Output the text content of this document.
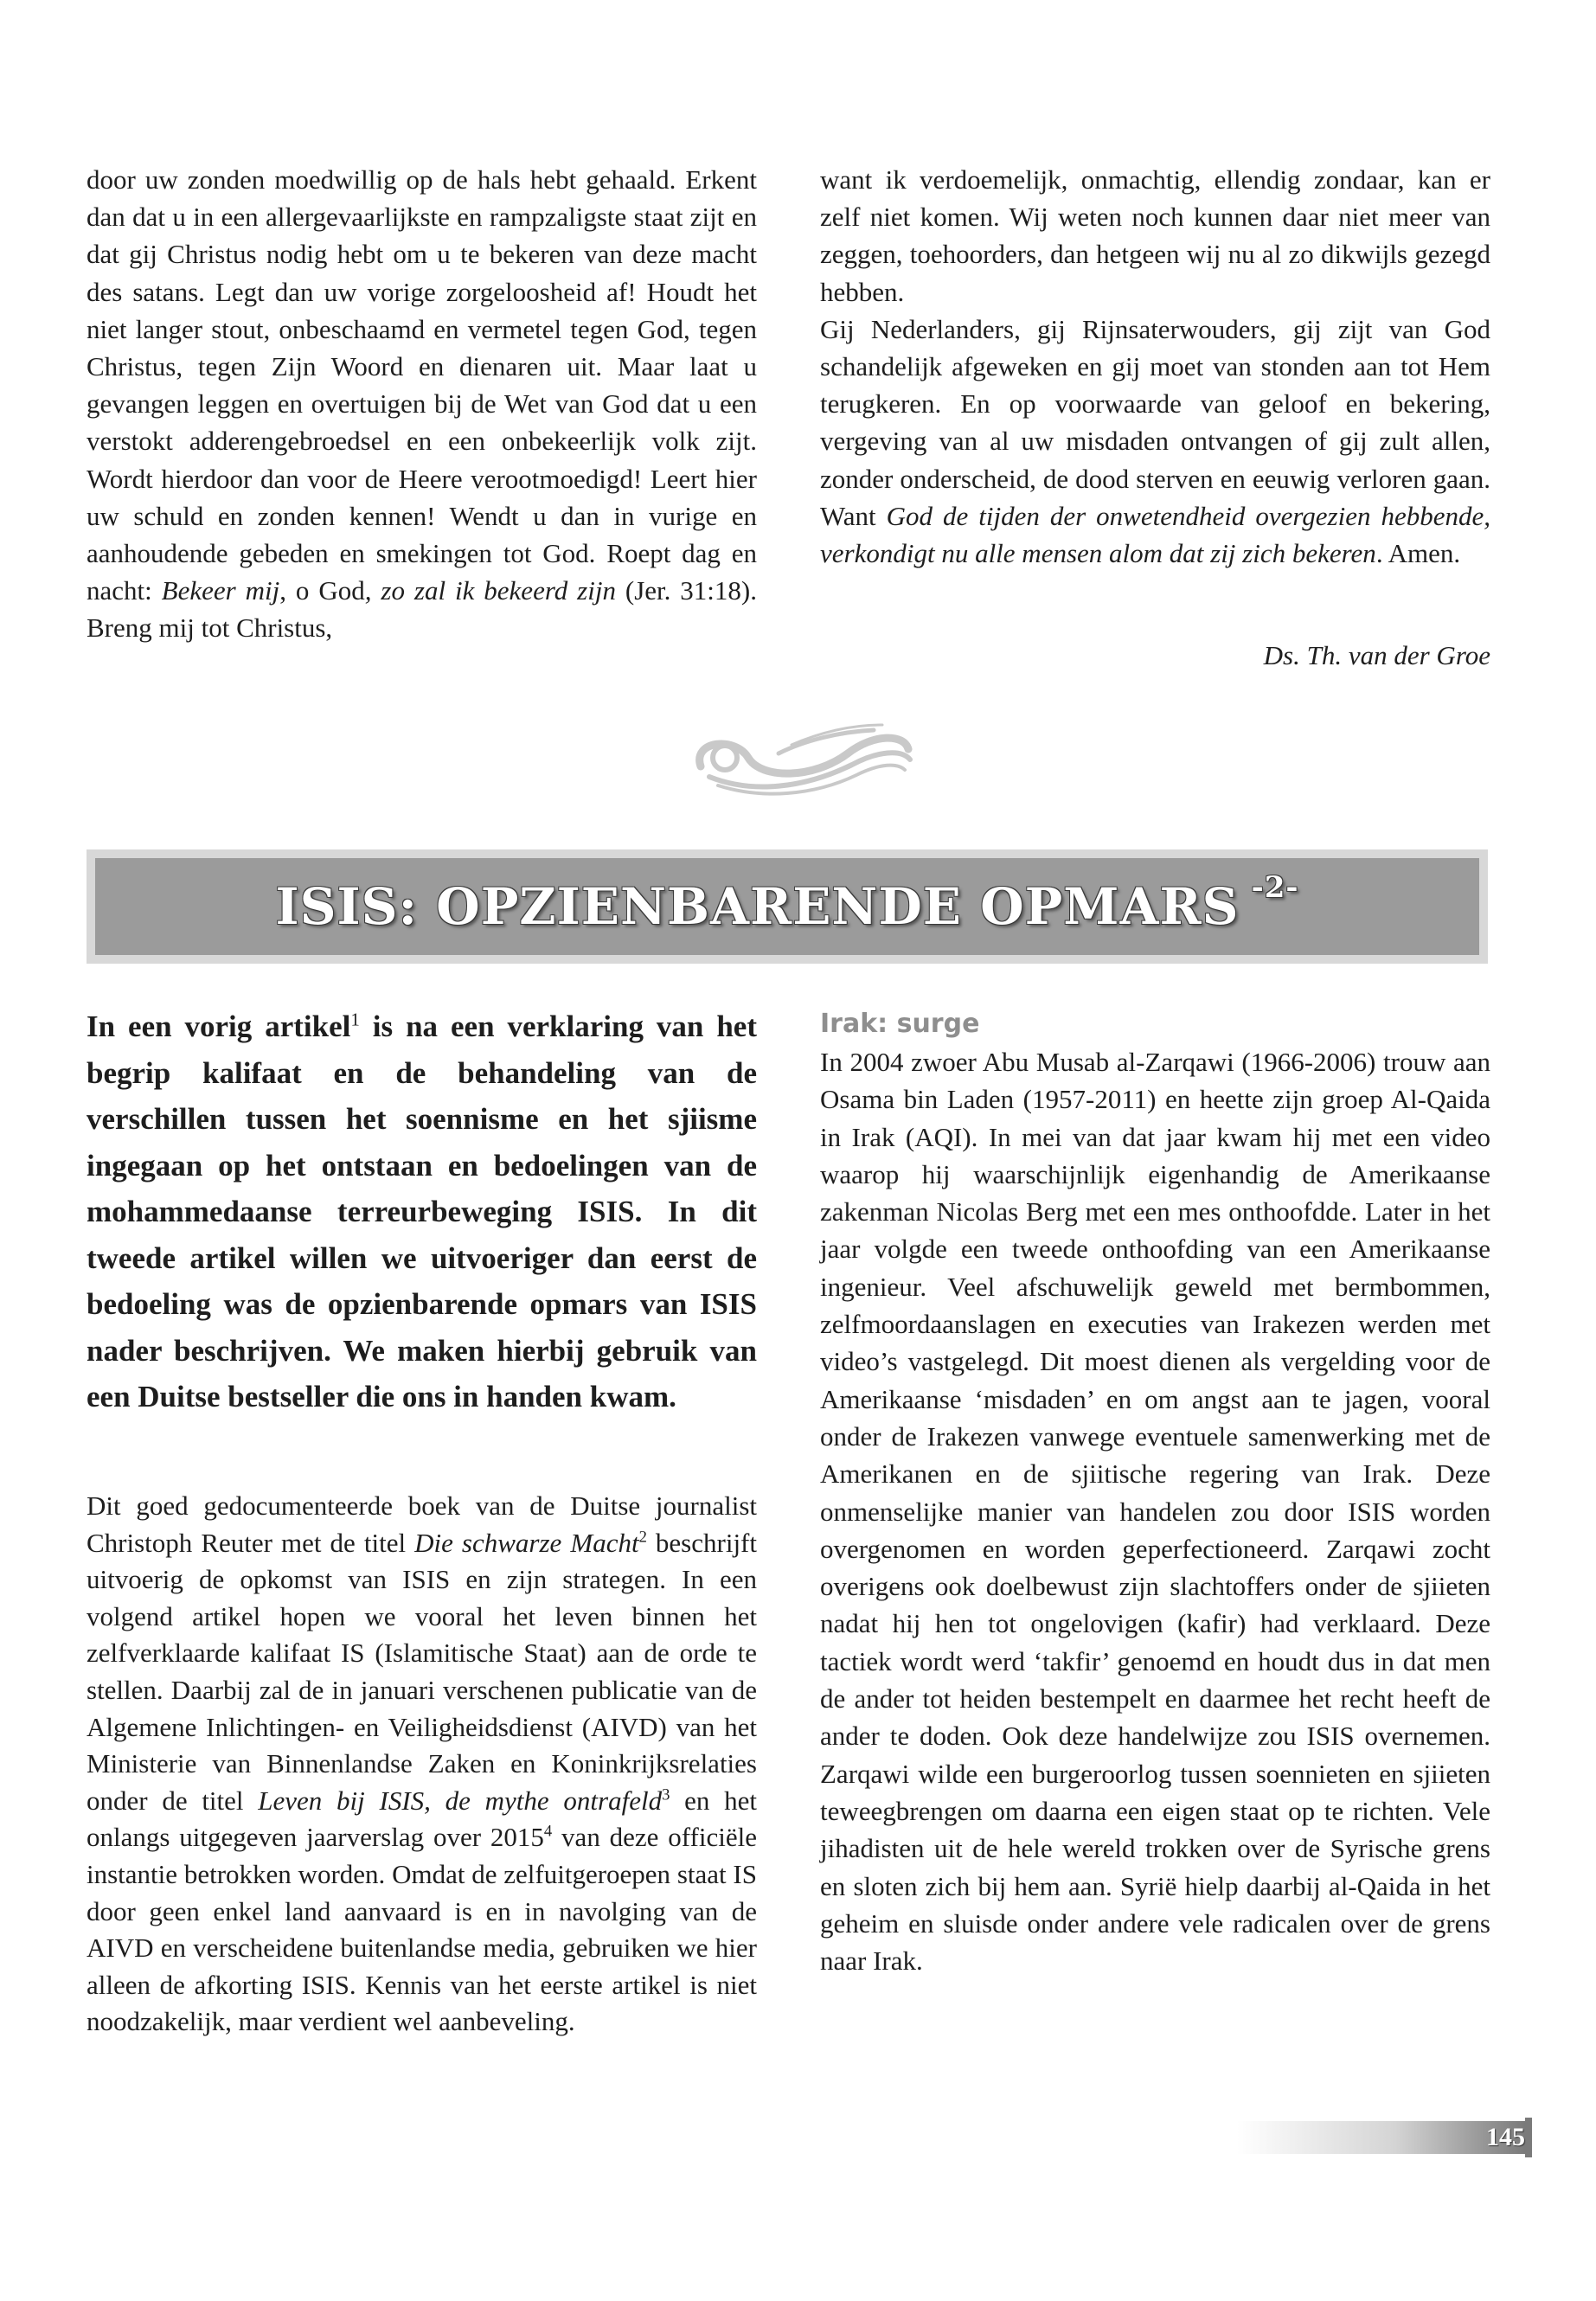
door uw zonden moedwillig op de hals hebt gehaald. Erkent dan dat u in een allergevaarlijkste en rampzaligste staat zijt en dat gij Christus nodig hebt om u te bekeren van deze macht des satans. Legt dan uw vorige zorgeloosheid af! Houdt het niet langer stout, onbeschaamd en vermetel tegen God, tegen Christus, tegen Zijn Woord en dienaren uit. Maar laat u gevangen leggen en overtuigen bij de Wet van God dat u een verstokt adderengebroedsel en een onbekeerlijk volk zijt. Wordt hierdoor dan voor de Heere verootmoedigd! Leert hier uw schuld en zonden kennen! Wendt u dan in vurige en aanhoudende gebeden en smekingen tot God. Roept dag en nacht: Bekeer mij, o God, zo zal ik bekeerd zijn (Jer. 31:18). Breng mij tot Christus,

want ik verdoemelijk, onmachtig, ellendig zondaar, kan er zelf niet komen. Wij weten noch kunnen daar niet meer van zeggen, toehoorders, dan hetgeen wij nu al zo dikwijls gezegd hebben.

Gij Nederlanders, gij Rijnsaterwouders, gij zijt van God schandelijk afgeweken en gij moet van stonden aan tot Hem terugkeren. En op voorwaarde van geloof en bekering, vergeving van al uw misdaden ontvangen of gij zult allen, zonder onderscheid, de dood sterven en eeuwig verloren gaan. Want God de tijden der onwetendheid overgezien hebbende, verkondigt nu alle mensen alom dat zij zich bekeren. Amen.

Ds. Th. van der Groe
ISIS: OPZIENBARENDE OPMARS $^{-2-}$
In een vorig artikel$^1$ is na een verklaring van het begrip kalifaat en de behandeling van de verschillen tussen het soennisme en het sjiisme ingegaan op het ontstaan en bedoelingen van de mohammedaanse terreurbeweging ISIS. In dit tweede artikel willen we uitvoeriger dan eerst de bedoeling was de opzienbarende opmars van ISIS nader beschrijven. We maken hierbij gebruik van een Duitse bestseller die ons in handen kwam.

Dit goed gedocumenteerde boek van de Duitse journalist Christoph Reuter met de titel Die schwarze Macht$^2$ beschrijft uitvoerig de opkomst van ISIS en zijn strategen. In een volgend artikel hopen we vooral het leven binnen het zelfverklaarde kalifaat IS (Islamitische Staat) aan de orde te stellen. Daarbij zal de in januari verschenen publicatie van de Algemene Inlichtingen- en Veiligheidsdienst (AIVD) van het Ministerie van Binnenlandse Zaken en Koninkrijksrelaties onder de titel Leven bij ISIS, de mythe ontrafeld$^3$ en het onlangs uitgegeven jaarverslag over 2015$^4$ van deze officiële instantie betrokken worden. Omdat de zelfuitgeroepen staat IS door geen enkel land aanvaard is en in navolging van de AIVD en verscheidene buitenlandse media, gebruiken we hier alleen de afkorting ISIS. Kennis van het eerste artikel is niet noodzakelijk, maar verdient wel aanbeveling.

Irak: surge

In 2004 zwoer Abu Musab al-Zarqawi (1966-2006) trouw aan Osama bin Laden (1957-2011) en heette zijn groep Al-Qaida in Irak (AQI). In mei van dat jaar kwam hij met een video waarop hij waarschijnlijk eigenhandig de Amerikaanse zakenman Nicolas Berg met een mes onthoofdde. Later in het jaar volgde een tweede onthoofding van een Amerikaanse ingenieur. Veel afschuwelijk geweld met bermbommen, zelfmoordaanslagen en executies van Irakezen werden met video’s vastgelegd. Dit moest dienen als vergelding voor de Amerikaanse ‘misdaden’ en om angst aan te jagen, vooral onder de Irakezen vanwege eventuele samenwerking met de Amerikanen en de sjiitische regering van Irak. Deze onmenselijke manier van handelen zou door ISIS worden overgenomen en worden geperfectioneerd. Zarqawi zocht overigens ook doelbewust zijn slachtoffers onder de sjiieten nadat hij hen tot ongelovigen (kafir) had verklaard. Deze tactiek wordt werd ‘takfir’ genoemd en houdt dus in dat men de ander tot heiden bestempelt en daarmee het recht heeft de ander te doden. Ook deze handelwijze zou ISIS overnemen. Zarqawi wilde een burgeroorlog tussen soennieten en sjiieten teweegbrengen om daarna een eigen staat op te richten. Vele jihadisten uit de hele wereld trokken over de Syrische grens en sloten zich bij hem aan. Syrië hielp daarbij al-Qaida in het geheim en sluisde onder andere vele radicalen over de grens naar Irak.

145
